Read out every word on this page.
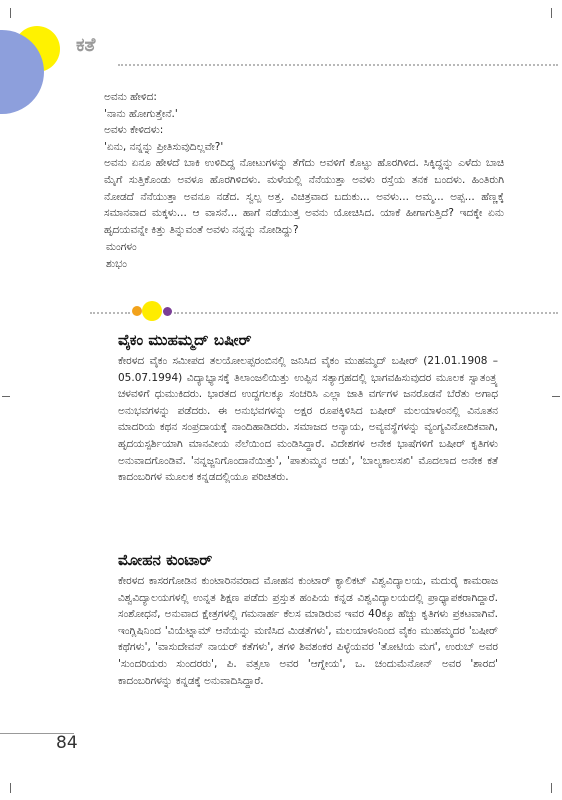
ಕತೆ

ಅವನು ಹೇಳಿದ:

'ನಾನು ಹೋಗುತ್ತೇನೆ.'

ಅವಳು ಕೇಳಿದಳು:

'ಏನು, ನನ್ನನ್ನು ಪ್ರೀತಿಸುವುದಿಲ್ಲವೇ?'

ಅವನು ಏನೂ ಹೇಳದೆ ಬಾಕಿ ಉಳಿದಿದ್ದ ನೋಟುಗಳನ್ನು ತೆಗೆದು ಅವಳಿಗೆ ಕೊಟ್ಟು ಹೊರಗಿಳಿದ. ಸಿಕ್ಕಿದ್ದನ್ನು ಎಳೆದು ಬಾಚಿ ಮೈಗೆ ಸುತ್ತಿಕೊಂಡು ಅವಳೂ ಹೊರಗಿಳಿದಳು. ಮಳೆಯಲ್ಲಿ ನೆನೆಯುತ್ತಾ ಅವಳು ರಸ್ತೆಯ ತನಕ ಬಂದಳು. ಹಿಂತಿರುಗಿ ನೋಡದೆ ನೆನೆಯುತ್ತಾ ಅವನೂ ನಡೆದ. ಸ್ವಲ್ಪ ಅತ್ತ. ವಿಚಿತ್ರವಾದ ಬದುಕು... ಅವಳು... ಅಮ್ಮ... ಅಪ್ಪ... ಹೆಣ್ಣಕ್ಕೆ ಸಮಾನವಾದ ಮಕ್ಕಳು... ಆ ವಾಸನೆ... ಹಾಗೆ ನಡೆಯುತ್ತ ಅವನು ಯೋಚಿಸಿದ. ಯಾಕೆ ಹೀಗಾಗುತ್ತಿದೆ? ಇದಕ್ಕೇ ಏನು ಹೃದಯವನ್ನೇ ಕಿತ್ತು ತಿನ್ನುವಂತೆ ಅವಳು ನನ್ನನ್ನು ನೋಡಿದ್ದು?

ಮಂಗಳಂ

ಶುಭಂ

ವೈಕಂ ಮುಹಮ್ಮದ್ ಬಷೀರ್

ಕೇರಳದ ವೈಕಂ ಸಮೀಪದ ತಲಯೋಲಪ್ಪರಂಬಿನಲ್ಲಿ ಜನಿಸಿದ ವೈಕಂ ಮುಹಮ್ಮದ್ ಬಷೀರ್ (21.01.1908 – 05.07.1994) ವಿದ್ಯಾಭ್ಯಾಸಕ್ಕೆ ತಿಲಾಂಜಲಿಯಿತ್ತು ಉಪ್ಪಿನ ಸತ್ಯಾಗ್ರಹದಲ್ಲಿ ಭಾಗವಹಿಸುವುದರ ಮೂಲಕ ಸ್ವಾತಂತ್ರ್ಯ ಚಳವಳಿಗೆ ಧುಮುಕಿದರು. ಭಾರತದ ಉದ್ದಗಲಕ್ಕೂ ಸಂಚರಿಸಿ ಎಲ್ಲಾ ಜಾತಿ ವರ್ಗಗಳ ಜನರೊಡನೆ ಬೆರೆತು ಅಗಾಧ ಅನುಭವಗಳನ್ನು ಪಡೆದರು. ಈ ಅನುಭವಗಳನ್ನು ಅಕ್ಷರ ರೂಪಕ್ಕಿಳಿಸಿದ ಬಷೀರ್ ಮಲಯಾಳಂನಲ್ಲಿ ವಿನೂತನ ಮಾದರಿಯ ಕಥನ ಸಂಪ್ರದಾಯಕ್ಕೆ ನಾಂದಿಹಾಡಿದರು. ಸಮಾಜದ ಅನ್ಯಾಯ, ಅವ್ಯವಸ್ಥೆಗಳನ್ನು ವ್ಯಂಗ್ಯವಿನೋದಿಕವಾಗಿ, ಹೃದಯಸ್ಪರ್ಶಿಯಾಗಿ ಮಾನವೀಯ ನೆಲೆಯಿಂದ ಮಂಡಿಸಿದ್ದಾರೆ. ವಿದೇಶಗಳ ಅನೇಕ ಭಾಷೆಗಳಿಗೆ ಬಷೀರ್ ಕೃತಿಗಳು ಅನುವಾದಗೊಂಡಿವೆ. 'ನನ್ನಜ್ಜನಿಗೊಂದಾನೆಯಿತ್ತು', 'ಪಾತುಮ್ಮನ ಆಡು', 'ಬಾಲ್ಯಕಾಲಸಖಿ' ಮೊದಲಾದ ಅನೇಕ ಕತೆ ಕಾದಂಬರಿಗಳ ಮೂಲಕ ಕನ್ನಡದಲ್ಲಿಯೂ ಪರಿಚಿತರು.

ಮೋಹನ ಕುಂಟಾರ್

ಕೇರಳದ ಕಾಸರಗೋಡಿನ ಕುಂಟಾರಿನವರಾದ ಮೋಹನ ಕುಂಟಾರ್ ಕ್ಯಾಲಿಕಟ್ ವಿಶ್ವವಿದ್ಯಾಲಯ, ಮದುರೈ ಕಾಮರಾಜ ವಿಶ್ವವಿದ್ಯಾಲಯಗಳಲ್ಲಿ ಉನ್ನತ ಶಿಕ್ಷಣ ಪಡೆದು ಪ್ರಸ್ತುತ ಹಂಪಿಯ ಕನ್ನಡ ವಿಶ್ವವಿದ್ಯಾಲಯದಲ್ಲಿ ಪ್ರಾಧ್ಯಾಪಕರಾಗಿದ್ದಾರೆ. ಸಂಶೋಧನೆ, ಅನುವಾದ ಕ್ಷೇತ್ರಗಳಲ್ಲಿ ಗಮನಾರ್ಹ ಕೆಲಸ ಮಾಡಿರುವ ಇವರ 40ಕ್ಕೂ ಹೆಚ್ಚು ಕೃತಿಗಳು ಪ್ರಕಟವಾಗಿವೆ. ಇಂಗ್ಲಿಷಿನಿಂದ 'ವಿಯೆಟ್ನಾಮ್ ಆನೆಯನ್ನು ಮಣಿಸಿದ ಮಿಡತೆಗಳು', ಮಲಯಾಳಂನಿಂದ ವೈಕಂ ಮುಹಮ್ಮದರ 'ಬಷೀರ್ ಕಥೆಗಳು', 'ವಾಸುದೇವನ್ ನಾಯರ್ ಕತೆಗಳು', ತಗಳಿ ಶಿವಶಂಕರ ಪಿಳ್ಳೆಯವರ 'ತೋಟಿಯ ಮಗ', ಉರುಬ್ ಅವರ 'ಸುಂದರಿಯರು ಸುಂದರರು', ಪಿ. ವತ್ಸಲಾ ಅವರ 'ಆಗ್ನೇಯ', ಒ. ಚಂದುಮೆನೋನ್ ಅವರ 'ಶಾರದ' ಕಾದಂಬರಿಗಳನ್ನು ಕನ್ನಡಕ್ಕೆ ಅನುವಾದಿಸಿದ್ದಾರೆ.

84
